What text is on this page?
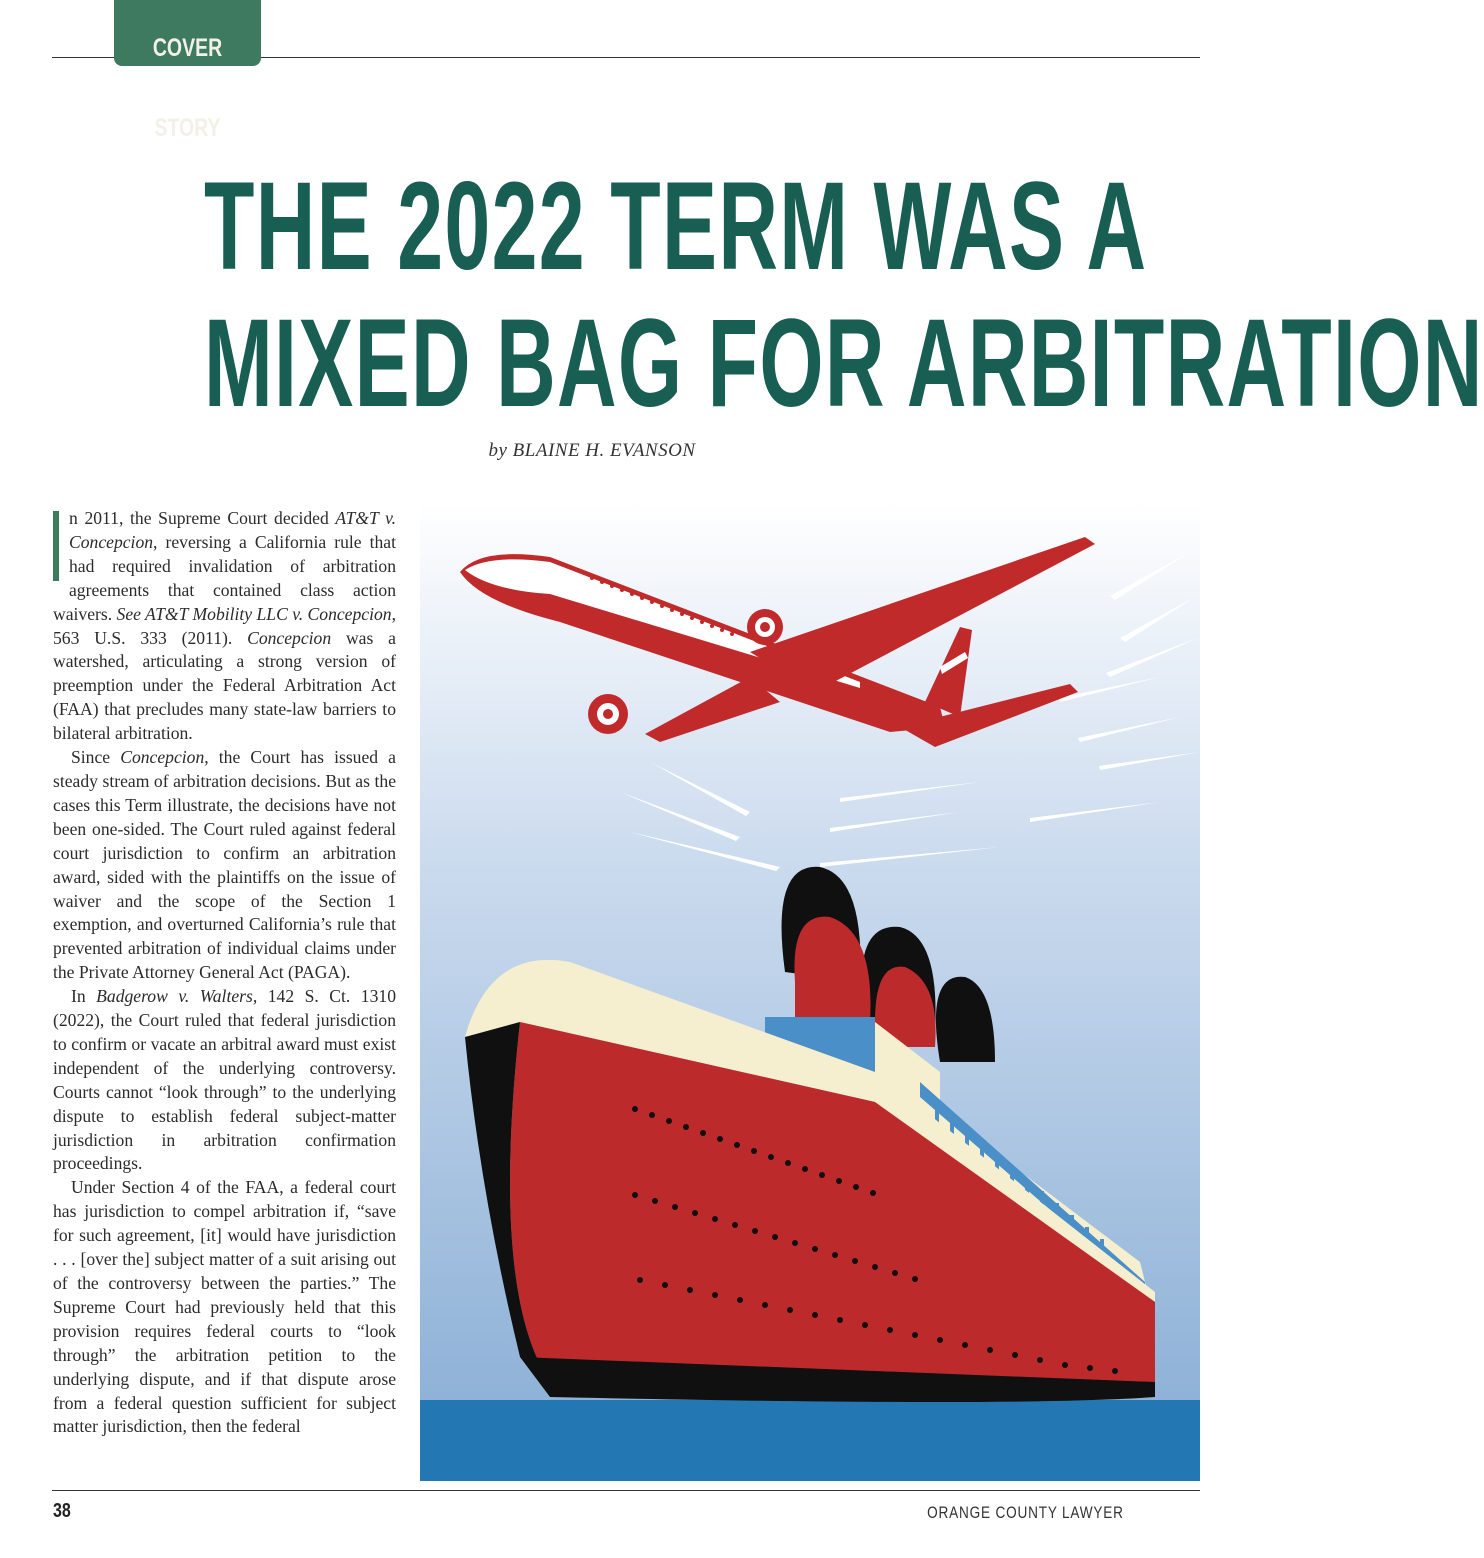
COVER STORY
THE 2022 TERM WAS A
MIXED BAG FOR ARBITRATION
by BLAINE H. EVANSON

n 2011, the Supreme Court decided AT&T v. Concepcion, reversing a California rule that had required invalidation of arbitration agreements that contained class action waivers. See AT&T Mobility LLC v. Concepcion, 563 U.S. 333 (2011). Concepcion was a watershed, articulating a strong version of preemption under the Federal Arbitration Act (FAA) that precludes many state-law barriers to bilateral arbitration.

Since Concepcion, the Court has issued a steady stream of arbitration decisions. But as the cases this Term illustrate, the decisions have not been one-sided. The Court ruled against federal court jurisdiction to confirm an arbitration award, sided with the plaintiffs on the issue of waiver and the scope of the Section 1 exemption, and overturned California’s rule that prevented arbitration of individual claims under the Private Attorney General Act (PAGA).

In Badgerow v. Walters, 142 S. Ct. 1310 (2022), the Court ruled that federal jurisdiction to confirm or vacate an arbitral award must exist independent of the underlying controversy. Courts cannot “look through” to the underlying dispute to establish federal subject-matter jurisdiction in arbitration confirmation proceedings.

Under Section 4 of the FAA, a federal court has jurisdiction to compel arbitration if, “save for such agreement, [it] would have jurisdiction . . . [over the] subject matter of a suit arising out of the controversy between the parties.” The Supreme Court had previously held that this provision requires federal courts to “look through” the arbitration petition to the underlying dispute, and if that dispute arose from a federal question sufficient for subject matter jurisdiction, then the federal

38	ORANGE COUNTY LAWYER
